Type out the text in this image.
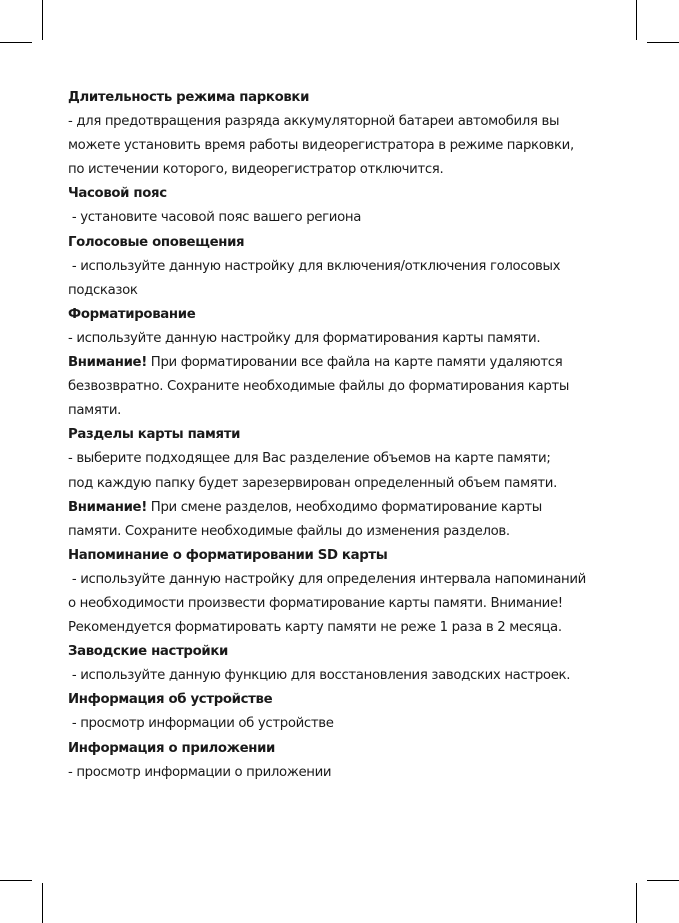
Длительность режима парковки
- для предотвращения разряда аккумуляторной батареи автомобиля вы
можете установить время работы видеорегистратора в режиме парковки,
по истечении которого, видеорегистратор отключится.
Часовой пояс
- установите часовой пояс вашего региона
Голосовые оповещения
- используйте данную настройку для включения/отключения голосовых
подсказок
Форматирование
- используйте данную настройку для форматирования карты памяти.
Внимание! При форматировании все файла на карте памяти удаляются
безвозвратно. Сохраните необходимые файлы до форматирования карты
памяти.
Разделы карты памяти
- выберите подходящее для Вас разделение объемов на карте памяти;
под каждую папку будет зарезервирован определенный объем памяти.
Внимание! При смене разделов, необходимо форматирование карты
памяти. Сохраните необходимые файлы до изменения разделов.
Напоминание о форматировании SD карты
- используйте данную настройку для определения интервала напоминаний
о необходимости произвести форматирование карты памяти. Внимание!
Рекомендуется форматировать карту памяти не реже 1 раза в 2 месяца.
Заводские настройки
- используйте данную функцию для восстановления заводских настроек.
Информация об устройстве
- просмотр информации об устройстве
Информация о приложении
- просмотр информации о приложении
